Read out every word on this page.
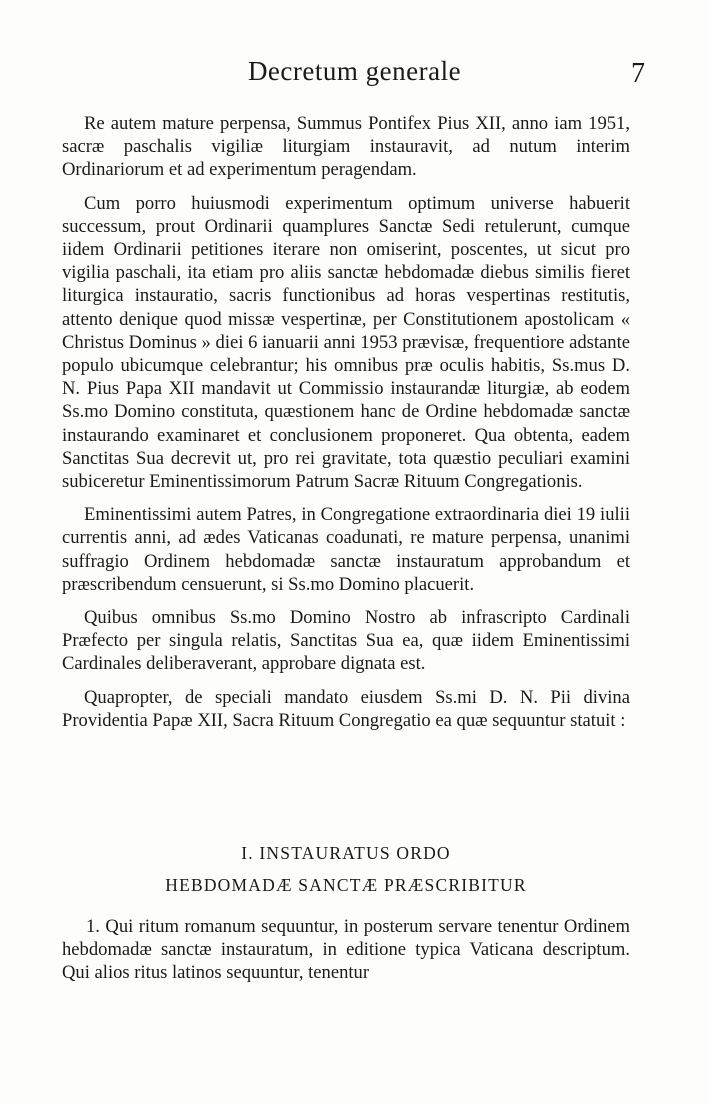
Decretum generale	7

Re autem mature perpensa, Summus Pontifex Pius XII, anno iam 1951, sacræ paschalis vigiliæ liturgiam instauravit, ad nutum interim Ordinariorum et ad experimentum peragendam.

Cum porro huiusmodi experimentum optimum universe habuerit successum, prout Ordinarii quamplures Sanctæ Sedi retulerunt, cumque iidem Ordinarii petitiones iterare non omiserint, poscentes, ut sicut pro vigilia paschali, ita etiam pro aliis sanctæ hebdomadæ diebus similis fieret liturgica instauratio, sacris functionibus ad horas vespertinas restitutis, attento denique quod missæ vespertinæ, per Constitutionem apostolicam « Christus Dominus » diei 6 ianuarii anni 1953 prævisæ, frequentiore adstante populo ubicumque celebrantur; his omnibus præ oculis habitis, Ss.mus D. N. Pius Papa XII mandavit ut Commissio instaurandæ liturgiæ, ab eodem Ss.mo Domino constituta, quæstionem hanc de Ordine hebdomadæ sanctæ instaurando examinaret et conclusionem proponeret. Qua obtenta, eadem Sanctitas Sua decrevit ut, pro rei gravitate, tota quæstio peculiari examini subiceretur Eminentissimorum Patrum Sacræ Rituum Congregationis.

Eminentissimi autem Patres, in Congregatione extraordinaria diei 19 iulii currentis anni, ad ædes Vaticanas coadunati, re mature perpensa, unanimi suffragio Ordinem hebdomadæ sanctæ instauratum approbandum et præscribendum censuerunt, si Ss.mo Domino placuerit.

Quibus omnibus Ss.mo Domino Nostro ab infrascripto Cardinali Præfecto per singula relatis, Sanctitas Sua ea, quæ iidem Eminentissimi Cardinales deliberaverant, approbare dignata est.

Quapropter, de speciali mandato eiusdem Ss.mi D. N. Pii divina Providentia Papæ XII, Sacra Rituum Congregatio ea quæ sequuntur statuit :

I. INSTAURATUS ORDO
HEBDOMADÆ SANCTÆ PRÆSCRIBITUR

1. Qui ritum romanum sequuntur, in posterum servare tenentur Ordinem hebdomadæ sanctæ instauratum, in editione typica Vaticana descriptum. Qui alios ritus latinos sequuntur, tenentur
